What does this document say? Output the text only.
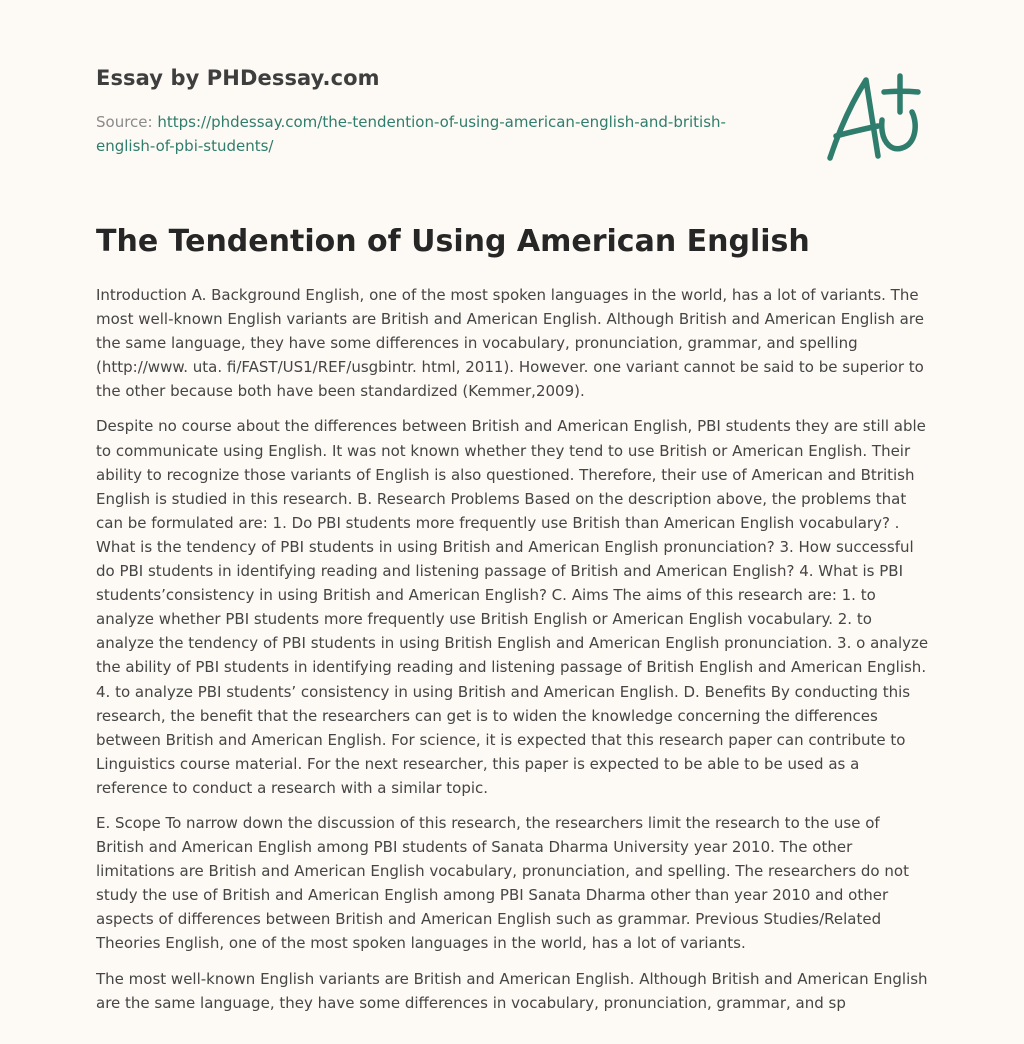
Essay by PHDessay.com
Source: https://phdessay.com/the-tendention-of-using-american-english-and-british-english-of-pbi-students/
The Tendention of Using American English

Introduction A. Background English, one of the most spoken languages in the world, has a lot of variants. The most well-known English variants are British and American English. Although British and American English are the same language, they have some differences in vocabulary, pronunciation, grammar, and spelling (http://www. uta. fi/FAST/US1/REF/usgbintr. html, 2011). However. one variant cannot be said to be superior to the other because both have been standardized (Kemmer,2009).

Despite no course about the differences between British and American English, PBI students they are still able to communicate using English. It was not known whether they tend to use British or American English. Their ability to recognize those variants of English is also questioned. Therefore, their use of American and Btritish English is studied in this research. B. Research Problems Based on the description above, the problems that can be formulated are: 1. Do PBI students more frequently use British than American English vocabulary? . What is the tendency of PBI students in using British and American English pronunciation? 3. How successful do PBI students in identifying reading and listening passage of British and American English? 4. What is PBI students’consistency in using British and American English? C. Aims The aims of this research are: 1. to analyze whether PBI students more frequently use British English or American English vocabulary. 2. to analyze the tendency of PBI students in using British English and American English pronunciation. 3. o analyze the ability of PBI students in identifying reading and listening passage of British English and American English. 4. to analyze PBI students’ consistency in using British and American English. D. Benefits By conducting this research, the benefit that the researchers can get is to widen the knowledge concerning the differences between British and American English. For science, it is expected that this research paper can contribute to Linguistics course material. For the next researcher, this paper is expected to be able to be used as a reference to conduct a research with a similar topic.

E. Scope To narrow down the discussion of this research, the researchers limit the research to the use of British and American English among PBI students of Sanata Dharma University year 2010. The other limitations are British and American English vocabulary, pronunciation, and spelling. The researchers do not study the use of British and American English among PBI Sanata Dharma other than year 2010 and other aspects of differences between British and American English such as grammar. Previous Studies/Related Theories English, one of the most spoken languages in the world, has a lot of variants.

The most well-known English variants are British and American English. Although British and American English are the same language, they have some differences in vocabulary, pronunciation, grammar, and sp
